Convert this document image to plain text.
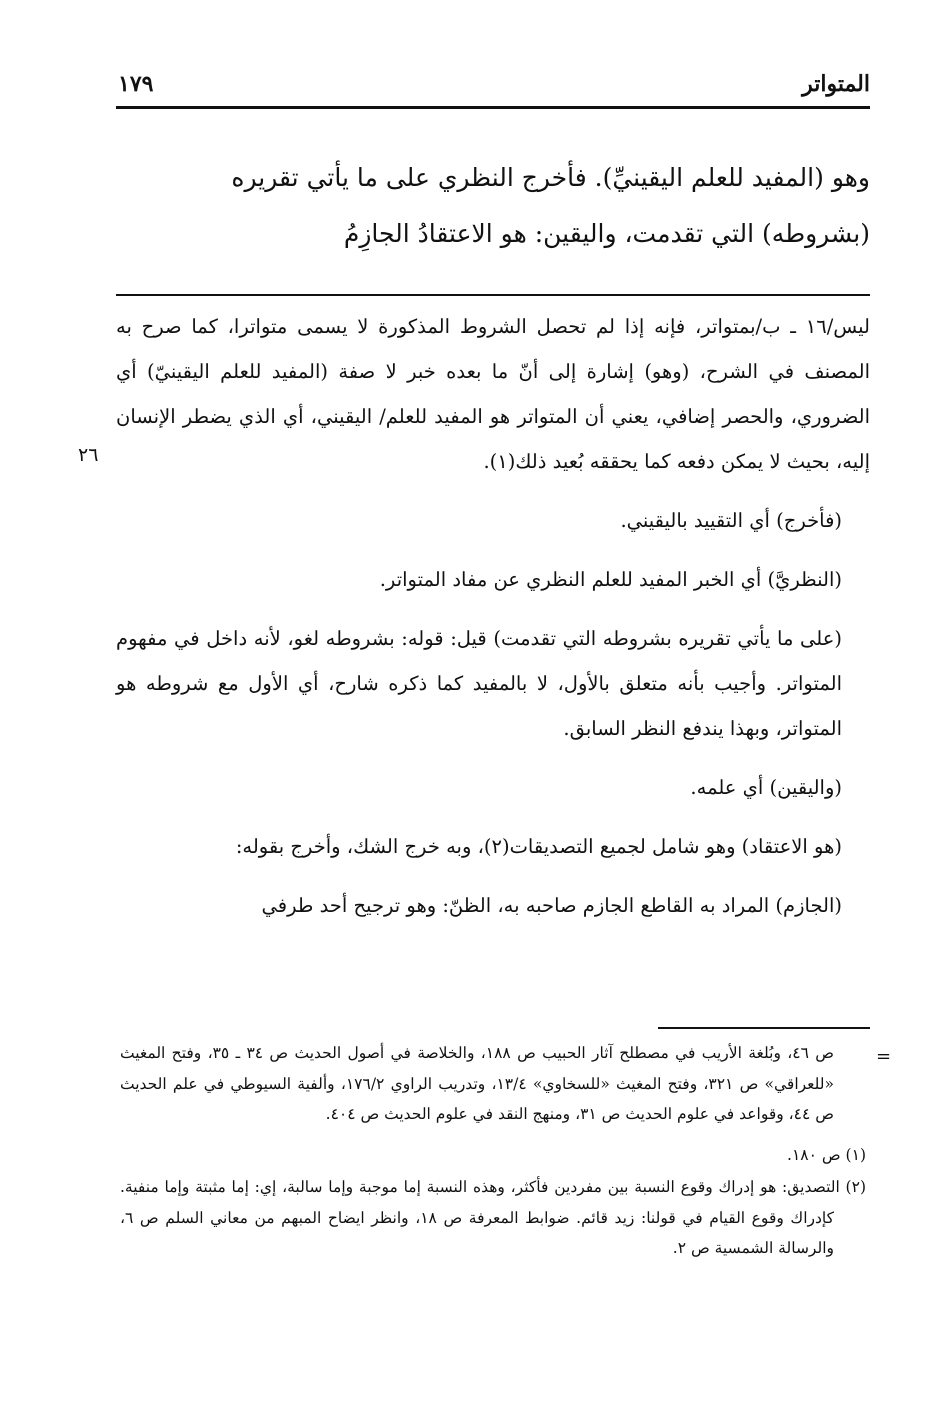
١٧٩	المتواتر

وهو (المفيد للعلم اليقينيِّ). فأخرج النظري على ما يأتي تقريره

(بشروطه) التي تقدمت، واليقين: هو الاعتقادُ الجازِمُ

ليس/١٦ ـ ب/بمتواتر، فإنه إذا لم تحصل الشروط المذكورة لا يسمى متواترا، كما صرح به المصنف في الشرح، (وهو) إشارة إلى أنّ ما بعده خبر لا صفة (المفيد للعلم اليقينيّ) أي الضروري، والحصر إضافي، يعني أن المتواتر هو المفيد للعلم/ اليقيني، أي الذي يضطر الإنسان إليه، بحيث لا يمكن دفعه كما يحققه بُعيد ذلك(١).

(فأخرج) أي التقييد باليقيني.

(النظريَّ) أي الخبر المفيد للعلم النظري عن مفاد المتواتر.

(على ما يأتي تقريره بشروطه التي تقدمت) قيل: قوله: بشروطه لغو، لأنه داخل في مفهوم المتواتر. وأجيب بأنه متعلق بالأول، لا بالمفيد كما ذكره شارح، أي الأول مع شروطه هو المتواتر، وبهذا يندفع النظر السابق.

(واليقين) أي علمه.

(هو الاعتقاد) وهو شامل لجميع التصديقات(٢)، وبه خرج الشك، وأخرج بقوله:

(الجازم) المراد به القاطع الجازم صاحبه به، الظنّ: وهو ترجيح أحد طرفي

٢٦
=

ص ٤٦، وبُلغة الأريب في مصطلح آثار الحبيب ص ١٨٨، والخلاصة في أصول الحديث ص ٣٤ ـ ٣٥، وفتح المغيث «للعراقي» ص ٣٢١، وفتح المغيث «للسخاوي» ١٣/٤، وتدريب الراوي ١٧٦/٢، وألفية السيوطي في علم الحديث ص ٤٤، وقواعد في علوم الحديث ص ٣١، ومنهج النقد في علوم الحديث ص ٤٠٤.

(١) ص ١٨٠.

(٢) التصديق: هو إدراك وقوع النسبة بين مفردين فأكثر، وهذه النسبة إما موجبة وإما سالبة، إي: إما مثبتة وإما منفية. كإدراك وقوع القيام في قولنا: زيد قائم. ضوابط المعرفة ص ١٨، وانظر ايضاح المبهم من معاني السلم ص ٦، والرسالة الشمسية ص ٢.
